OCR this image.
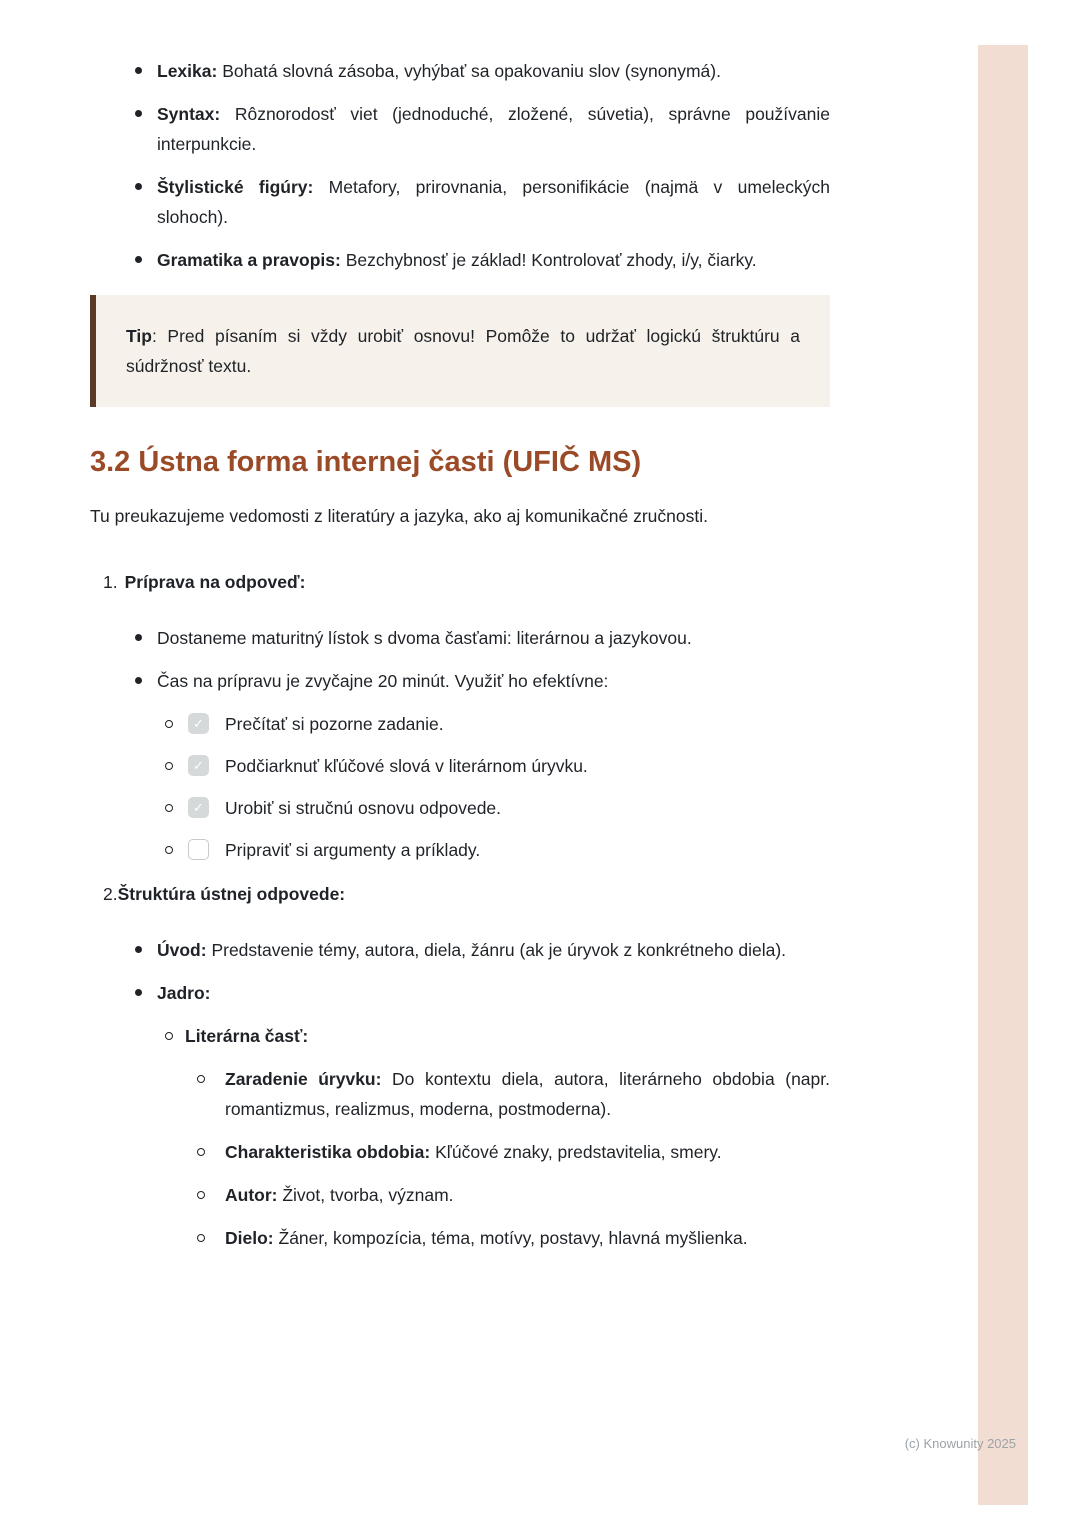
Lexika: Bohatá slovná zásoba, vyhýbať sa opakovaniu slov (synonymá).
Syntax: Rôznorodosť viet (jednoduché, zložené, súvetia), správne používanie interpunkcie.
Štylistické figúry: Metafory, prirovnania, personifikácie (najmä v umeleckých slohoch).
Gramatika a pravopis: Bezchybnosť je základ! Kontrolovať zhody, i/y, čiarky.
Tip: Pred písaním si vždy urobiť osnovu! Pomôže to udržať logickú štruktúru a súdržnosť textu.
3.2 Ústna forma internej časti (UFIČ MS)

Tu preukazujeme vedomosti z literatúry a jazyka, ako aj komunikačné zručnosti.

1. Príprava na odpoveď:
Dostaneme maturitný lístok s dvoma časťami: literárnou a jazykovou.
Čas na prípravu je zvyčajne 20 minút. Využiť ho efektívne:
✓ Prečítať si pozorne zadanie.
✓ Podčiarknuť kľúčové slová v literárnom úryvku.
✓ Urobiť si stručnú osnovu odpovede.
Pripraviť si argumenty a príklady.
2.Štruktúra ústnej odpovede:
Úvod: Predstavenie témy, autora, diela, žánru (ak je úryvok z konkrétneho diela).
Jadro:
Literárna časť:
Zaradenie úryvku: Do kontextu diela, autora, literárneho obdobia (napr. romantizmus, realizmus, moderna, postmoderna).
Charakteristika obdobia: Kľúčové znaky, predstavitelia, smery.
Autor: Život, tvorba, význam.
Dielo: Žáner, kompozícia, téma, motívy, postavy, hlavná myšlienka.
(c) Knowunity 2025
